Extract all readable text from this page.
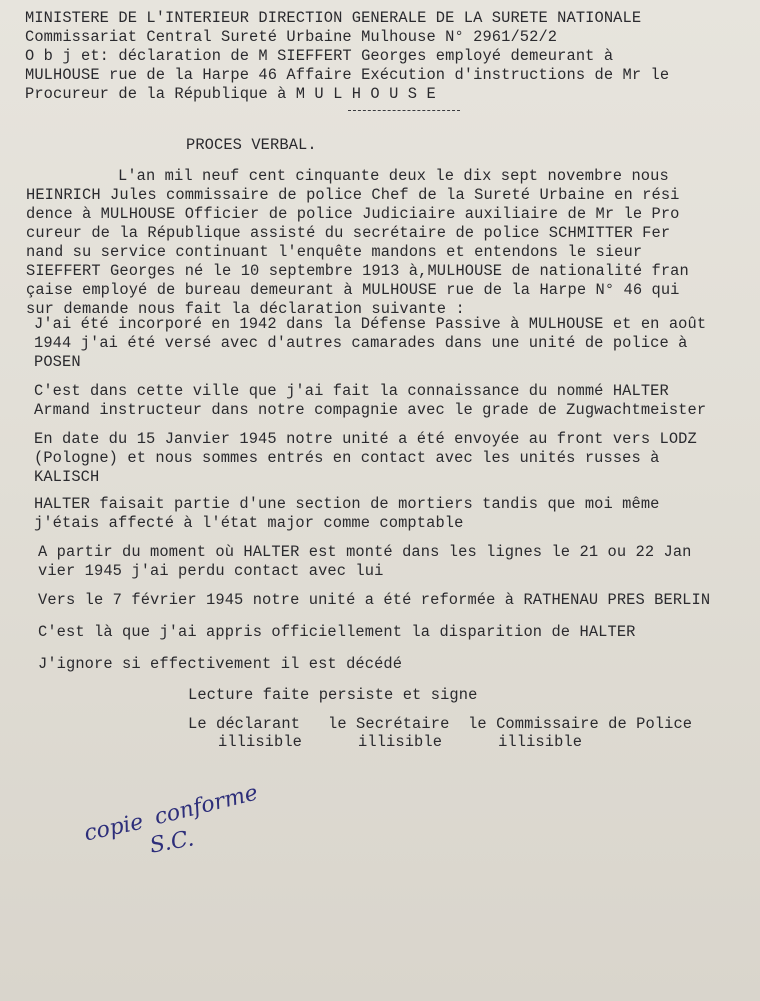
MINISTERE DE L'INTERIEUR DIRECTION GENERALE DE LA SURETE NATIONALE
Commissariat Central Sureté Urbaine Mulhouse N° 2961/52/2
O b j et: déclaration de M SIEFFERT Georges employé demeurant à
MULHOUSE rue de la Harpe 46 Affaire Exécution d'instructions de Mr le
Procureur de la République à M U L H O U S E
PROCES VERBAL.
L'an mil neuf cent cinquante deux le dix sept novembre nous
HEINRICH Jules commissaire de police Chef de la Sureté Urbaine en rési
dence à MULHOUSE Officier de police Judiciaire auxiliaire de Mr le Pro
cureur de la République assisté du secrétaire de police SCHMITTER Fer
nand su service continuant l'enquête mandons et entendons le sieur
SIEFFERT Georges né le 10 septembre 1913 à,MULHOUSE de nationalité fran
çaise employé de bureau demeurant à MULHOUSE rue de la Harpe N° 46 qui
sur demande nous fait la déclaration suivante :
J'ai été incorporé en 1942 dans la Défense Passive à MULHOUSE et en août
1944 j'ai été versé avec d'autres camarades dans une unité de police à
POSEN
C'est dans cette ville que j'ai fait la connaissance du nommé HALTER
Armand instructeur dans notre compagnie avec le grade de Zugwachtmeister
En date du 15 Janvier 1945 notre unité a été envoyée au front vers LODZ
(Pologne) et nous sommes entrés en contact avec les unités russes à
KALISCH
HALTER faisait partie d'une section de mortiers tandis que moi même
j'étais affecté à l'état major comme comptable
A partir du moment où HALTER est monté dans les lignes le 21 ou 22 Jan
vier 1945 j'ai perdu contact avec lui
Vers le 7 février 1945 notre unité a été reformée à RATHENAU PRES BERLIN
C'est là que j'ai appris officiellement la disparition de HALTER
J'ignore si effectivement il est décédé
Lecture faite persiste et signe
Le déclarant   le Secrétaire  le Commissaire de Police
illisible      illisible      illisible
copie conforme
S.C.
